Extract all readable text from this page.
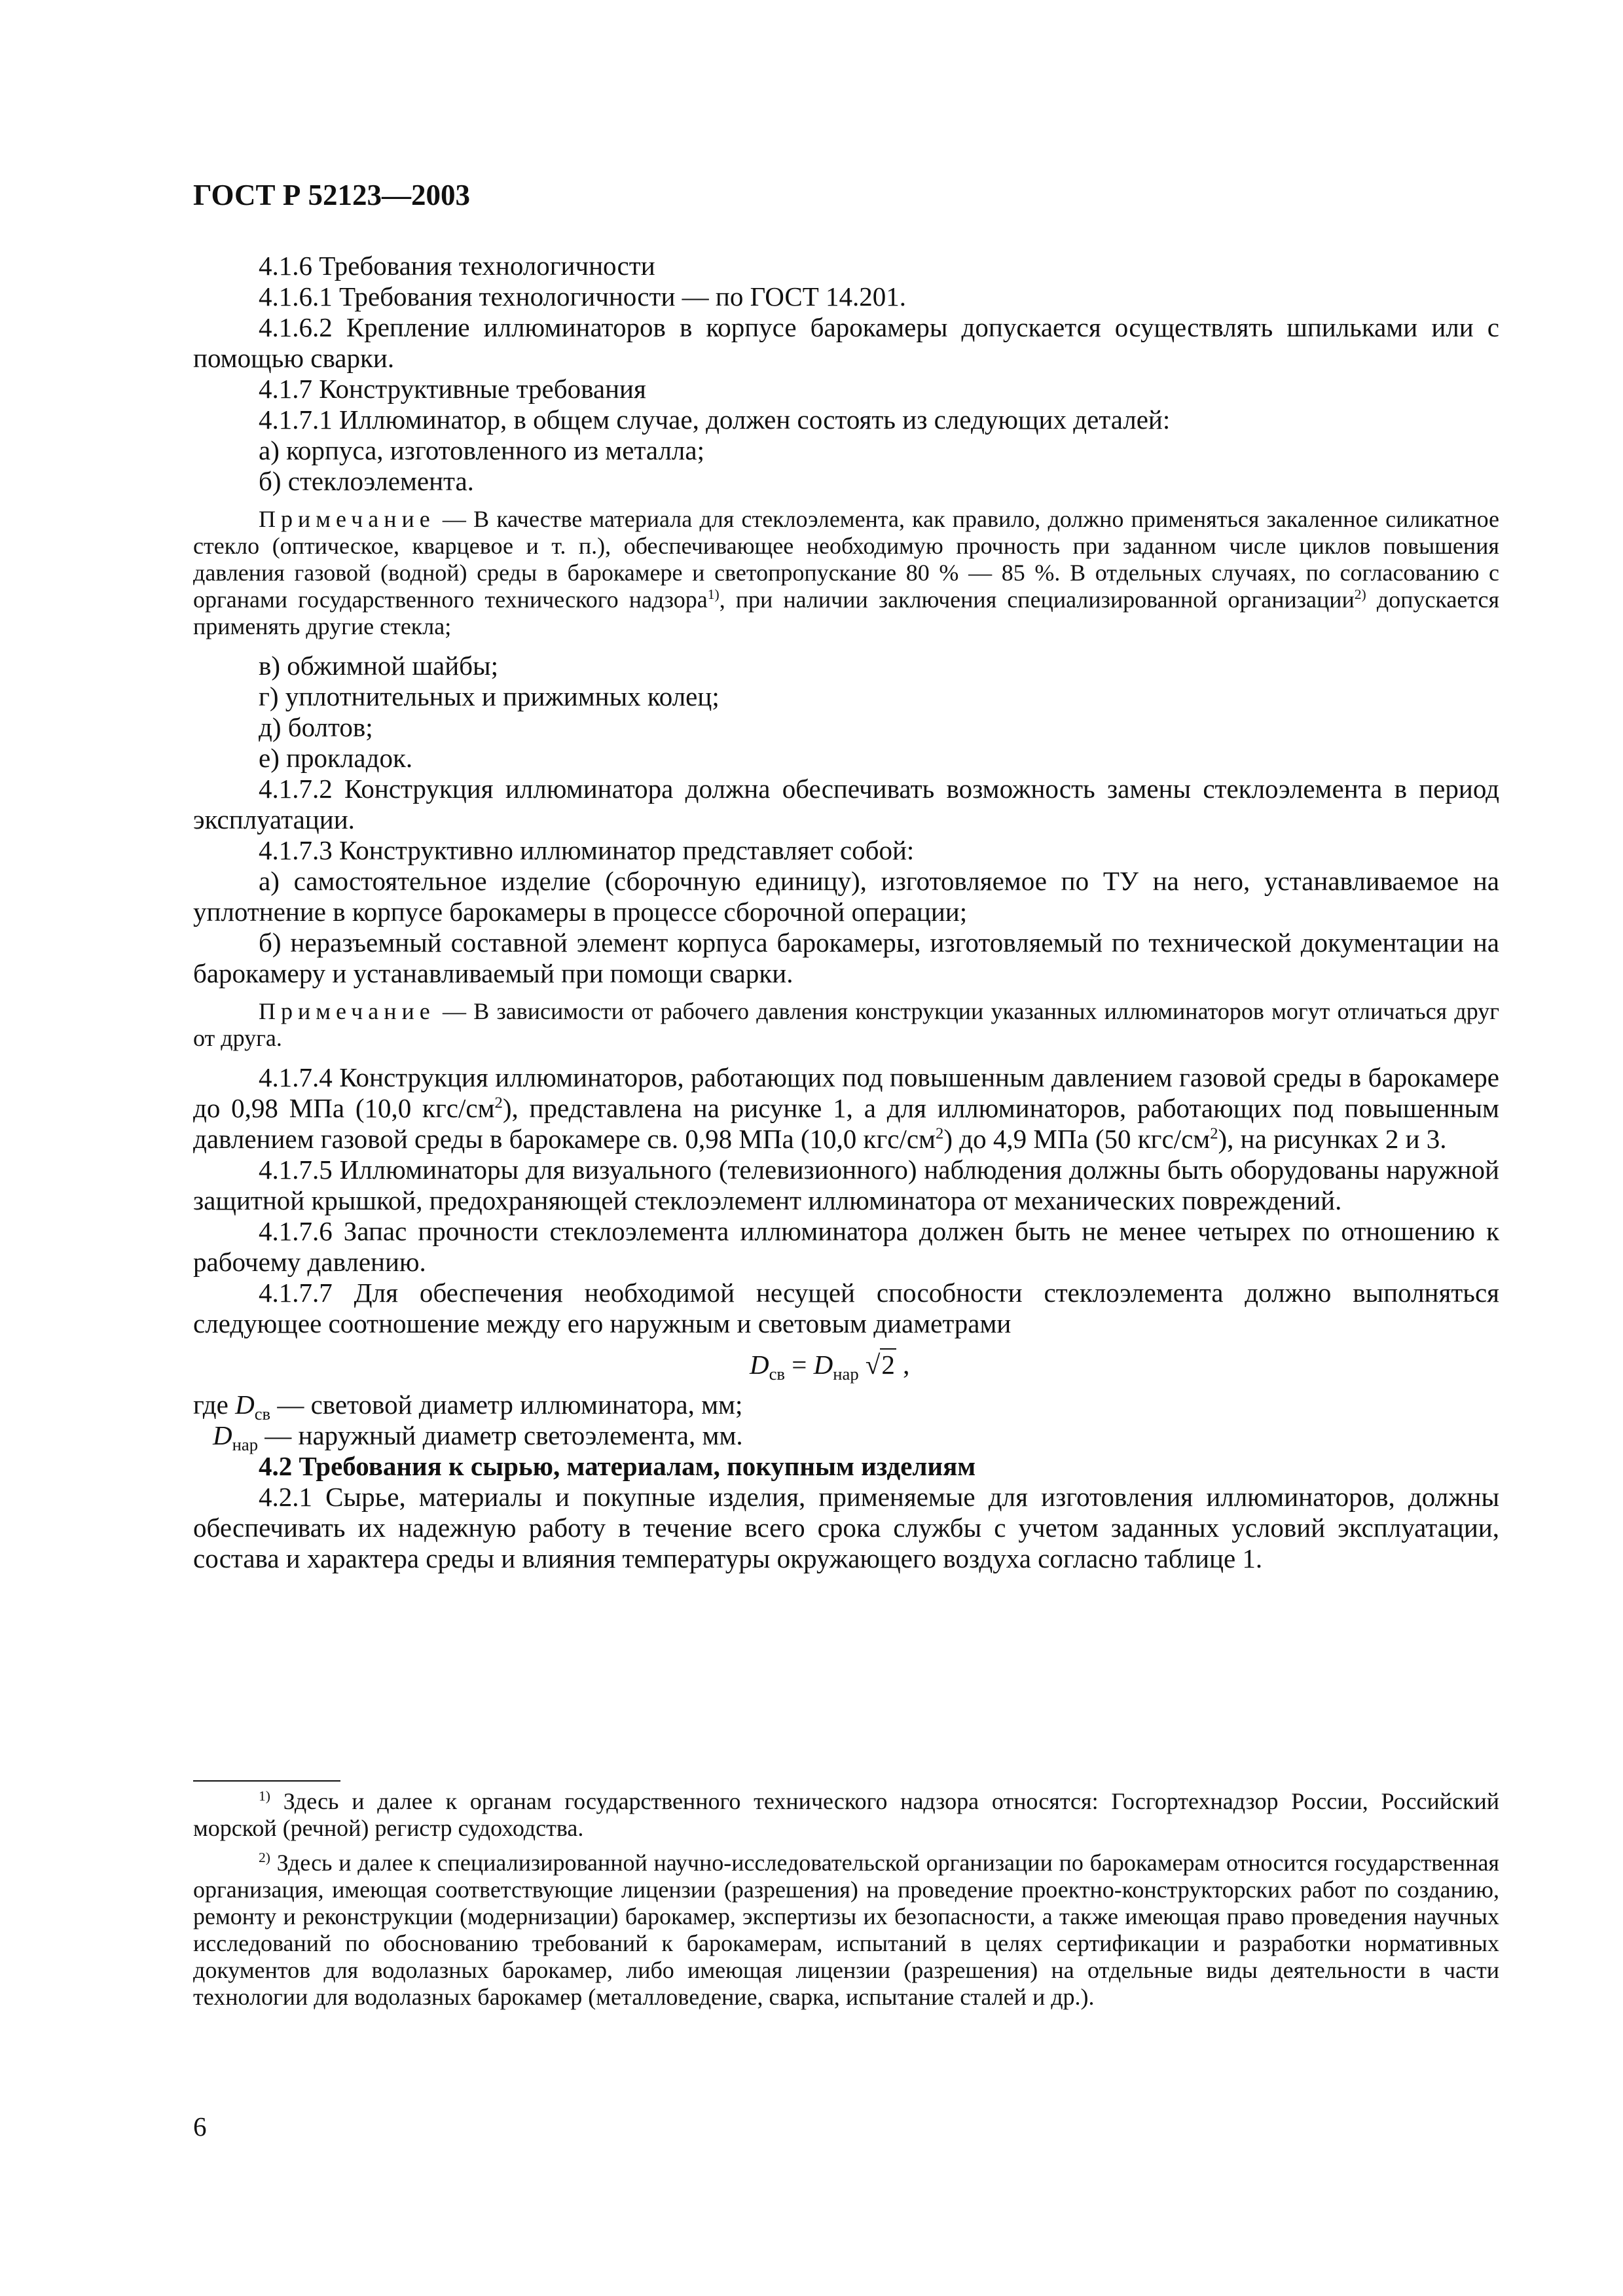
ГОСТ Р 52123—2003

4.1.6 Требования технологичности

4.1.6.1 Требования технологичности — по ГОСТ 14.201.

4.1.6.2 Крепление иллюминаторов в корпусе барокамеры допускается осуществлять шпильками или с помощью сварки.

4.1.7 Конструктивные требования

4.1.7.1 Иллюминатор, в общем случае, должен состоять из следующих деталей:

а) корпуса, изготовленного из металла;

б) стеклоэлемента.

Примечание — В качестве материала для стеклоэлемента, как правило, должно применяться закаленное силикатное стекло (оптическое, кварцевое и т. п.), обеспечивающее необходимую прочность при заданном числе циклов повышения давления газовой (водной) среды в барокамере и светопропускание 80 % — 85 %. В отдельных случаях, по согласованию с органами государственного технического надзора$^{1)}$, при наличии заключения специализированной организации$^{2)}$ допускается применять другие стекла;

в) обжимной шайбы;

г) уплотнительных и прижимных колец;

д) болтов;

е) прокладок.

4.1.7.2 Конструкция иллюминатора должна обеспечивать возможность замены стеклоэлемента в период эксплуатации.

4.1.7.3 Конструктивно иллюминатор представляет собой:

а) самостоятельное изделие (сборочную единицу), изготовляемое по ТУ на него, устанавливаемое на уплотнение в корпусе барокамеры в процессе сборочной операции;

б) неразъемный составной элемент корпуса барокамеры, изготовляемый по технической документации на барокамеру и устанавливаемый при помощи сварки.

Примечание — В зависимости от рабочего давления конструкции указанных иллюминаторов могут отличаться друг от друга.

4.1.7.4 Конструкция иллюминаторов, работающих под повышенным давлением газовой среды в барокамере до 0,98 МПа (10,0 кгс/$см^2$), представлена на рисунке 1, а для иллюминаторов, работающих под повышенным давлением газовой среды в барокамере св. 0,98 МПа (10,0 кгс/$см^2$) до 4,9 МПа (50 кгс/$см^2$), на рисунках 2 и 3.

4.1.7.5 Иллюминаторы для визуального (телевизионного) наблюдения должны быть оборудованы наружной защитной крышкой, предохраняющей стеклоэлемент иллюминатора от механических повреждений.

4.1.7.6 Запас прочности стеклоэлемента иллюминатора должен быть не менее четырех по отношению к рабочему давлению.

4.1.7.7 Для обеспечения необходимой несущей способности стеклоэлемента должно выполняться следующее соотношение между его наружным и световым диаметрами

$D_{св} = D_{нар}$ √2 ,

где $D_{св}$ — световой диаметр иллюминатора, мм;

$D_{нар}$ — наружный диаметр светоэлемента, мм.

4.2 Требования к сырью, материалам, покупным изделиям

4.2.1 Сырье, материалы и покупные изделия, применяемые для изготовления иллюминаторов, должны обеспечивать их надежную работу в течение всего срока службы с учетом заданных условий эксплуатации, состава и характера среды и влияния температуры окружающего воздуха согласно таблице 1.

$^{1)}$ Здесь и далее к органам государственного технического надзора относятся: Госгортехнадзор России, Российский морской (речной) регистр судоходства.

$^{2)}$ Здесь и далее к специализированной научно-исследовательской организации по барокамерам относится государственная организация, имеющая соответствующие лицензии (разрешения) на проведение проектно-конструкторских работ по созданию, ремонту и реконструкции (модернизации) барокамер, экспертизы их безопасности, а также имеющая право проведения научных исследований по обоснованию требований к барокамерам, испытаний в целях сертификации и разработки нормативных документов для водолазных барокамер, либо имеющая лицензии (разрешения) на отдельные виды деятельности в части технологии для водолазных барокамер (металловедение, сварка, испытание сталей и др.).

6
